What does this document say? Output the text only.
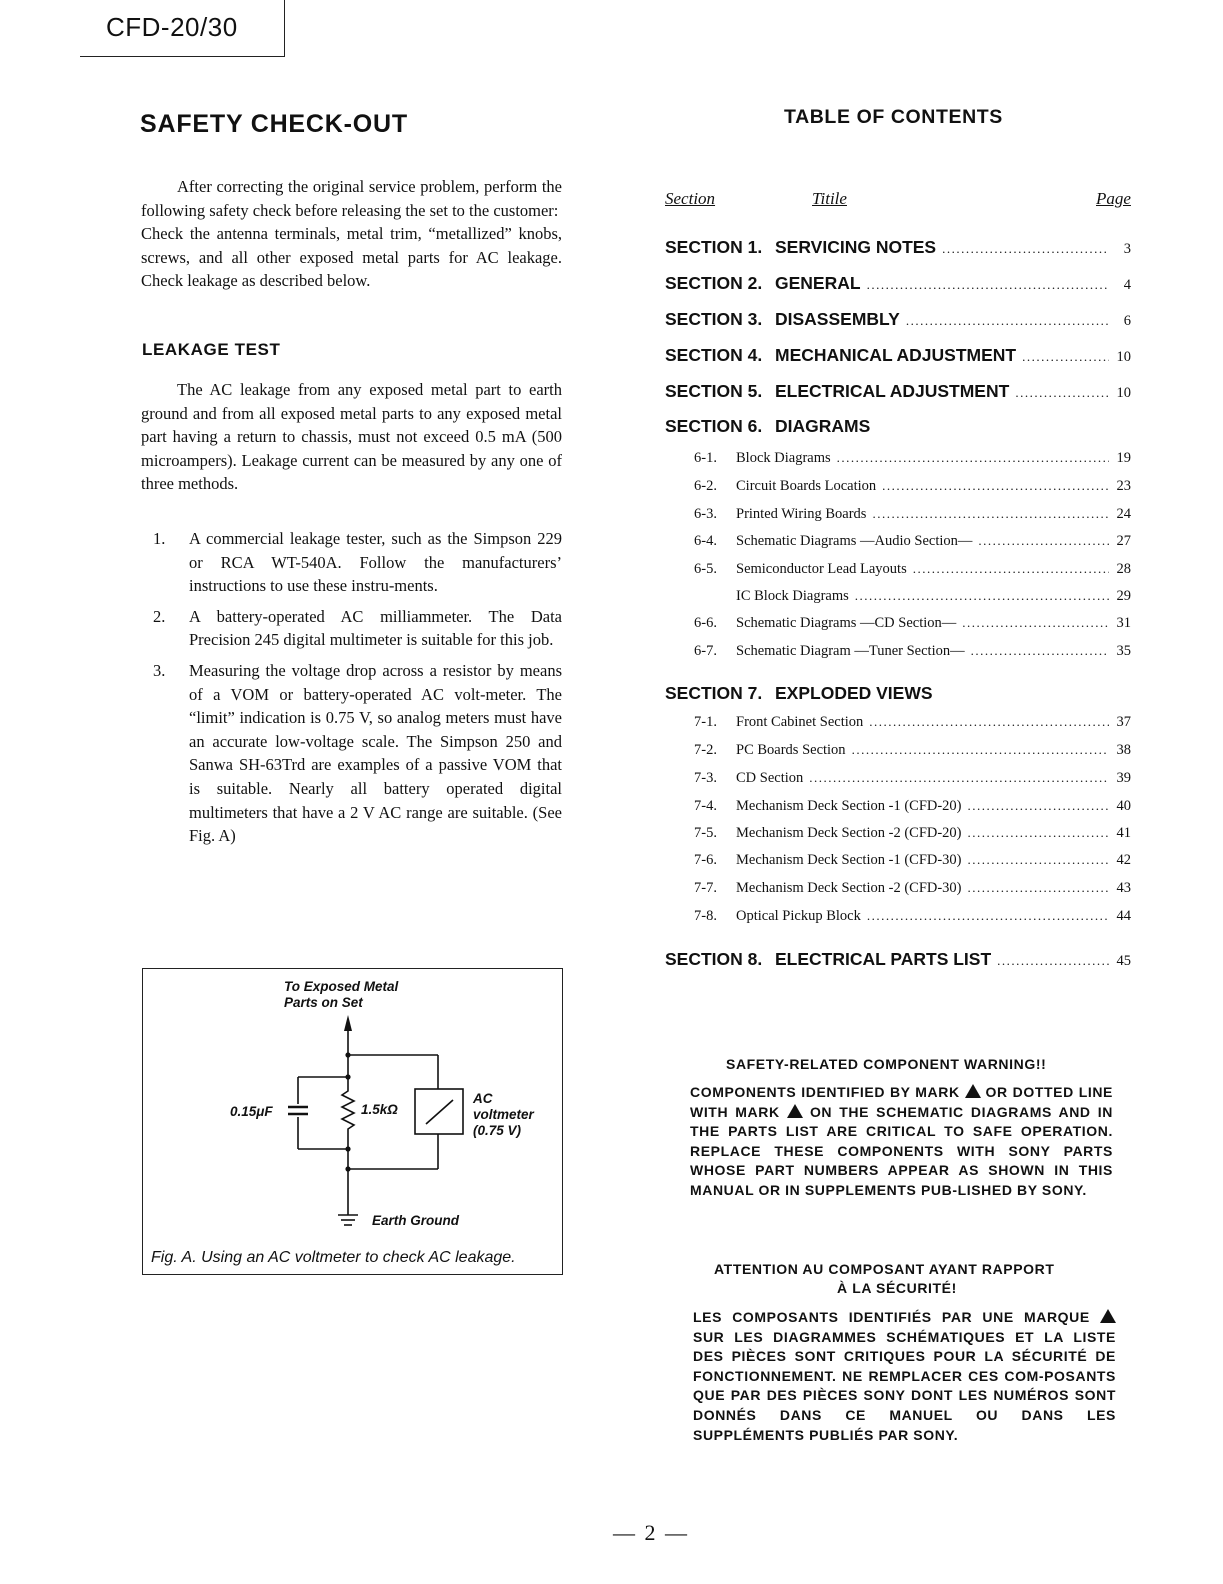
CFD-20/30
SAFETY CHECK-OUT

After correcting the original service problem, perform the following safety check before releasing the set to the customer:

Check the antenna terminals, metal trim, “metallized” knobs, screws, and all other exposed metal parts for AC leakage. Check leakage as described below.

LEAKAGE TEST

The AC leakage from any exposed metal part to earth ground and from all exposed metal parts to any exposed metal part having a return to chassis, must not exceed 0.5 mA (500 microampers). Leakage current can be measured by any one of three methods.

1. A commercial leakage tester, such as the Simpson 229 or RCA WT-540A. Follow the manufacturers’ instructions to use these instru-ments.
2. A battery-operated AC milliammeter. The Data Precision 245 digital multimeter is suitable for this job.
3. Measuring the voltage drop across a resistor by means of a VOM or battery-operated AC volt-meter. The “limit” indication is 0.75 V, so analog meters must have an accurate low-voltage scale. The Simpson 250 and Sanwa SH-63Trd are examples of a passive VOM that is suitable. Nearly all battery operated digital multimeters that have a 2 V AC range are suitable. (See Fig. A)
To Exposed Metal
Parts on Set
0.15μF	1.5kΩ
AC
voltmeter
(0.75 V)
Earth Ground
Fig. A. Using an AC voltmeter to check AC leakage.
TABLE OF CONTENTS
Section	Titile	Page
SECTION 1. SERVICING NOTES .....	3
SECTION 2. GENERAL .....	4
SECTION 3. DISASSEMBLY .....	6
SECTION 4. MECHANICAL ADJUSTMENT .....	10
SECTION 5. ELECTRICAL ADJUSTMENT .....	10
SECTION 6. DIAGRAMS
6-1.	Block Diagrams .....	19
6-2.	Circuit Boards Location .....	23
6-3.	Printed Wiring Boards .....	24
6-4.	Schematic Diagrams —Audio Section— .....	27
6-5.	Semiconductor Lead Layouts .....	28
IC Block Diagrams .....	29
6-6.	Schematic Diagrams —CD Section— .....	31
6-7.	Schematic Diagram —Tuner Section— .....	35
SECTION 7. EXPLODED VIEWS
7-1.	Front Cabinet Section .....	37
7-2.	PC Boards Section .....	38
7-3.	CD Section .....	39
7-4.	Mechanism Deck Section -1 (CFD-20) .....	40
7-5.	Mechanism Deck Section -2 (CFD-20) .....	41
7-6.	Mechanism Deck Section -1 (CFD-30) .....	42
7-7.	Mechanism Deck Section -2 (CFD-30) .....	43
7-8.	Optical Pickup Block .....	44
SECTION 8. ELECTRICAL PARTS LIST .....	45
SAFETY-RELATED COMPONENT WARNING!!
COMPONENTS IDENTIFIED BY MARK OR DOTTED LINE WITH MARK ON THE SCHEMATIC DIAGRAMS AND IN THE PARTS LIST ARE CRITICAL TO SAFE OPERATION. REPLACE THESE COMPONENTS WITH SONY PARTS WHOSE PART NUMBERS APPEAR AS SHOWN IN THIS MANUAL OR IN SUPPLEMENTS PUB-LISHED BY SONY.
ATTENTION AU COMPOSANT AYANT RAPPORT
À LA SÉCURITÉ!
LES COMPOSANTS IDENTIFIÉS PAR UNE MARQUE  SUR LES DIAGRAMMES SCHÉMATIQUES ET LA LISTE DES PIÈCES SONT CRITIQUES POUR LA SÉCURITÉ DE FONCTIONNEMENT. NE REMPLACER CES COM-POSANTS QUE PAR DES PIÈCES SONY DONT LES NUMÉROS SONT DONNÉS DANS CE MANUEL OU DANS LES SUPPLÉMENTS PUBLIÉS PAR SONY.
— 2 —
